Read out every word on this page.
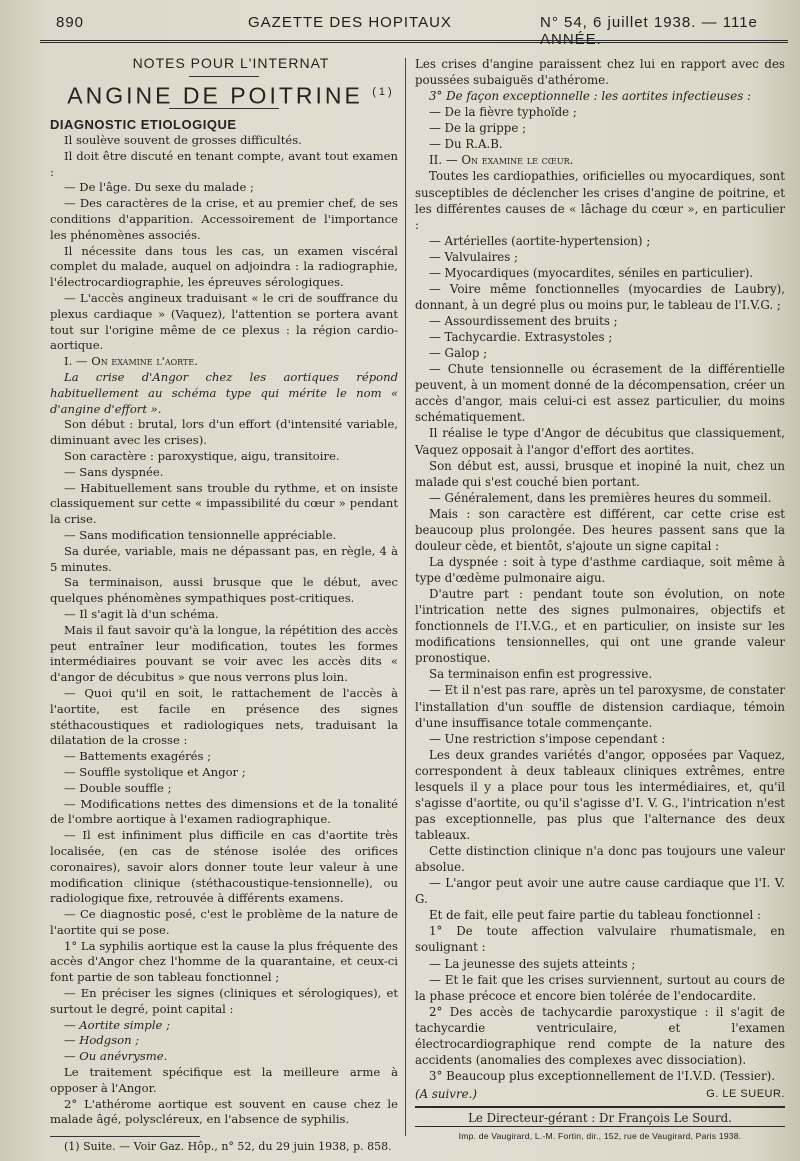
890	GAZETTE DES HOPITAUX	N° 54, 6 juillet 1938. — 111e ANNÉE.

NOTES POUR L'INTERNAT

ANGINE DE POITRINE $^{(1)}$

DIAGNOSTIC ETIOLOGIQUE

Il soulève souvent de grosses difficultés.

Il doit être discuté en tenant compte, avant tout examen :

— De l'âge. Du sexe du malade ;

— Des caractères de la crise, et au premier chef, de ses conditions d'apparition. Accessoirement de l'importance les phénomènes associés.

Il nécessite dans tous les cas, un examen viscéral complet du malade, auquel on adjoindra : la radiographie, l'électrocardiographie, les épreuves sérologiques.

— L'accès angineux traduisant « le cri de souffrance du plexus cardiaque » (Vaquez), l'attention se portera avant tout sur l'origine même de ce plexus : la région cardio-aortique.

I. — On examine l'aorte.

La crise d'Angor chez les aortiques répond habituellement au schéma type qui mérite le nom « d'angine d'effort ».

Son début : brutal, lors d'un effort (d'intensité variable, diminuant avec les crises).

Son caractère : paroxystique, aigu, transitoire.

— Sans dyspnée.

— Habituellement sans trouble du rythme, et on insiste classiquement sur cette « impassibilité du cœur » pendant la crise.

— Sans modification tensionnelle appréciable.

Sa durée, variable, mais ne dépassant pas, en règle, 4 à 5 minutes.

Sa terminaison, aussi brusque que le début, avec quelques phénomènes sympathiques post-critiques.

— Il s'agit là d'un schéma.

Mais il faut savoir qu'à la longue, la répétition des accès peut entraîner leur modification, toutes les formes intermédiaires pouvant se voir avec les accès dits « d'angor de décubitus » que nous verrons plus loin.

— Quoi qu'il en soit, le rattachement de l'accès à l'aortite, est facile en présence des signes stéthacoustiques et radiologiques nets, traduisant la dilatation de la crosse :

— Battements exagérés ;

— Souffle systolique et Angor ;

— Double souffle ;

— Modifications nettes des dimensions et de la tonalité de l'ombre aortique à l'examen radiographique.

— Il est infiniment plus difficile en cas d'aortite très localisée, (en cas de sténose isolée des orifices coronaires), savoir alors donner toute leur valeur à une modification clinique (stéthacoustique-tensionnelle), ou radiologique fixe, retrouvée à différents examens.

— Ce diagnostic posé, c'est le problème de la nature de l'aortite qui se pose.

1° La syphilis aortique est la cause la plus fréquente des accès d'Angor chez l'homme de la quarantaine, et ceux-ci font partie de son tableau fonctionnel ;

— En préciser les signes (cliniques et sérologiques), et surtout le degré, point capital :

— Aortite simple ;

— Hodgson ;

— Ou anévrysme.

Le traitement spécifique est la meilleure arme à opposer à l'Angor.

2° L'athérome aortique est souvent en cause chez le malade âgé, polyscléreux, en l'absence de syphilis.

(1) Suite. — Voir Gaz. Hôp., n° 52, du 29 juin 1938, p. 858.

Les crises d'angine paraissent chez lui en rapport avec des poussées subaiguës d'athérome.

3° De façon exceptionnelle : les aortites infectieuses :

— De la fièvre typhoïde ;

— De la grippe ;

— Du R.A.B.

II. — On examine le cœur.

Toutes les cardiopathies, orificielles ou myocardiques, sont susceptibles de déclencher les crises d'angine de poitrine, et les différentes causes de « lâchage du cœur », en particulier :

— Artérielles (aortite-hypertension) ;

— Valvulaires ;

— Myocardiques (myocardites, séniles en particulier).

— Voire même fonctionnelles (myocardies de Laubry), donnant, à un degré plus ou moins pur, le tableau de l'I.V.G. ;

— Assourdissement des bruits ;

— Tachycardie. Extrasystoles ;

— Galop ;

— Chute tensionnelle ou écrasement de la différentielle peuvent, à un moment donné de la décompensation, créer un accès d'angor, mais celui-ci est assez particulier, du moins schématiquement.

Il réalise le type d'Angor de décubitus que classiquement, Vaquez opposait à l'angor d'effort des aortites.

Son début est, aussi, brusque et inopiné la nuit, chez un malade qui s'est couché bien portant.

— Généralement, dans les premières heures du sommeil.

Mais : son caractère est différent, car cette crise est beaucoup plus prolongée. Des heures passent sans que la douleur cède, et bientôt, s'ajoute un signe capital :

La dyspnée : soit à type d'asthme cardiaque, soit même à type d'œdème pulmonaire aigu.

D'autre part : pendant toute son évolution, on note l'intrication nette des signes pulmonaires, objectifs et fonctionnels de l'I.V.G., et en particulier, on insiste sur les modifications tensionnelles, qui ont une grande valeur pronostique.

Sa terminaison enfin est progressive.

— Et il n'est pas rare, après un tel paroxysme, de constater l'installation d'un souffle de distension cardiaque, témoin d'une insuffisance totale commençante.

— Une restriction s'impose cependant :

Les deux grandes variétés d'angor, opposées par Vaquez, correspondent à deux tableaux cliniques extrêmes, entre lesquels il y a place pour tous les intermédiaires, et, qu'il s'agisse d'aortite, ou qu'il s'agisse d'I. V. G., l'intrication n'est pas exceptionnelle, pas plus que l'alternance des deux tableaux.

Cette distinction clinique n'a donc pas toujours une valeur absolue.

— L'angor peut avoir une autre cause cardiaque que l'I. V. G.

Et de fait, elle peut faire partie du tableau fonctionnel :

1° De toute affection valvulaire rhumatismale, en soulignant :

— La jeunesse des sujets atteints ;

— Et le fait que les crises surviennent, surtout au cours de la phase précoce et encore bien tolérée de l'endocardite.

2° Des accès de tachycardie paroxystique : il s'agit de tachycardie ventriculaire, et l'examen électrocardiographique rend compte de la nature des accidents (anomalies des complexes avec dissociation).

3° Beaucoup plus exceptionnellement de l'I.V.D. (Tessier).

(A suivre.)	G. LE SUEUR.

Le Directeur-gérant : Dr François Le Sourd.

Imp. de Vaugirard, L.-M. Fortin, dir., 152, rue de Vaugirard, Paris 1938.
